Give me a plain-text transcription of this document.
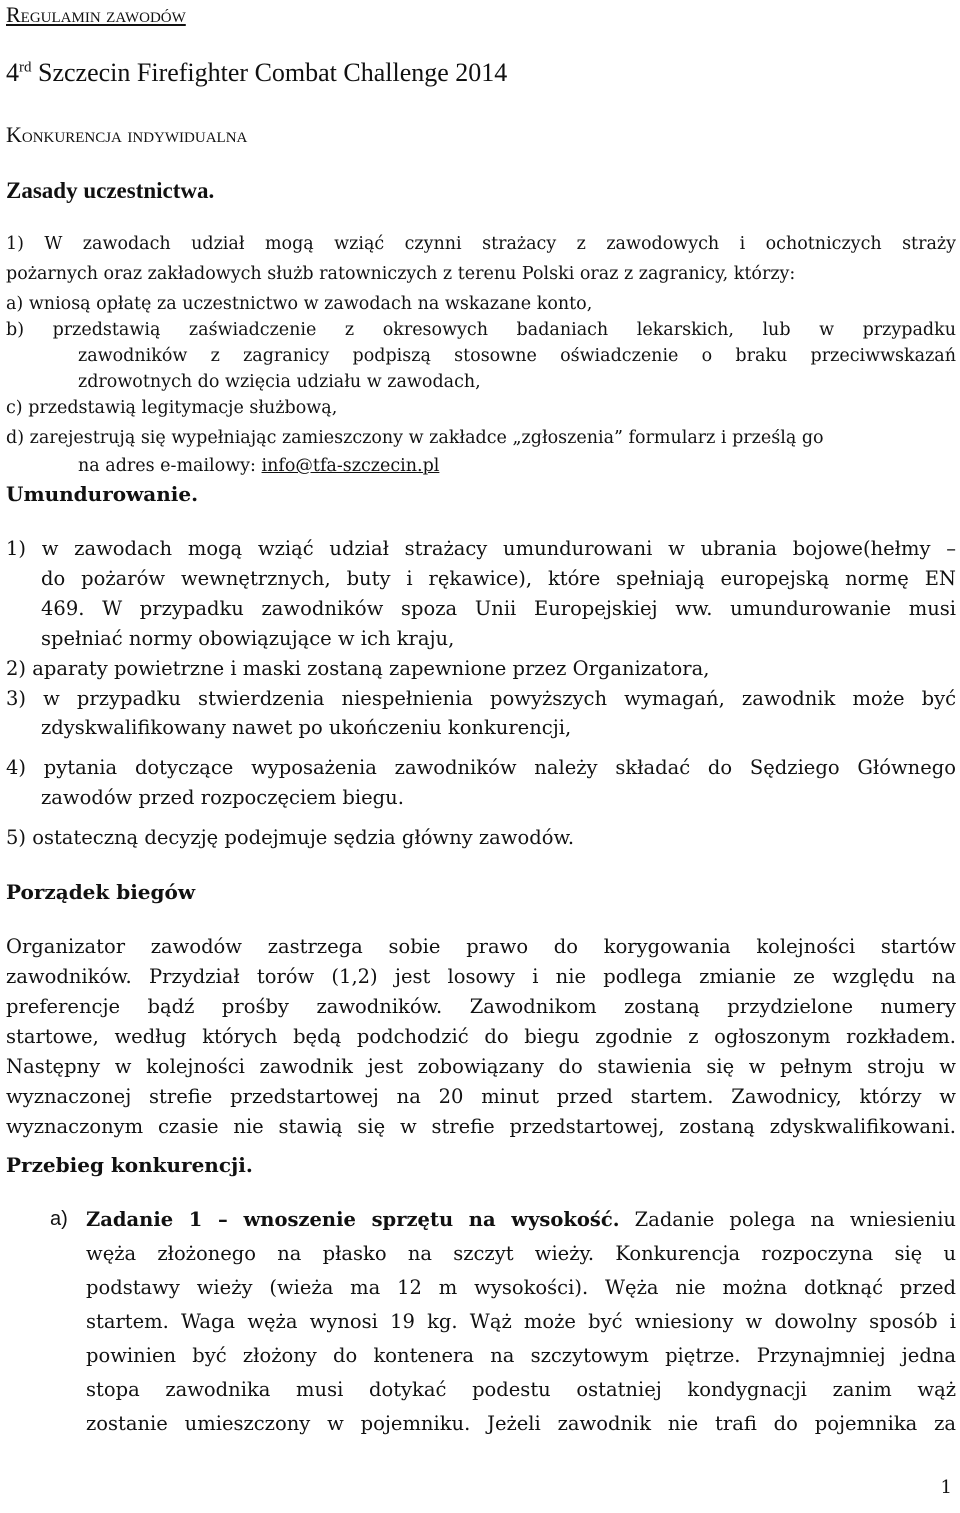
Regulamin zawodów
4rd Szczecin Firefighter Combat Challenge 2014
Konkurencja indywidualna
Zasady uczestnictwa.
1) W zawodach udział mogą wziąć czynni strażacy z zawodowych i ochotniczych straży
pożarnych oraz zakładowych służb ratowniczych z terenu Polski oraz z zagranicy, którzy:
a) wniosą opłatę za uczestnictwo w zawodach na wskazane konto,
b) przedstawią zaświadczenie z okresowych badaniach lekarskich, lub w przypadku
zawodników z zagranicy podpiszą stosowne oświadczenie o braku przeciwwskazań
zdrowotnych do wzięcia udziału w zawodach,
c) przedstawią legitymacje służbową,
d) zarejestrują się wypełniając zamieszczony w zakładce „zgłoszenia” formularz i prześlą go
na adres e-mailowy: info@tfa-szczecin.pl
Umundurowanie.
1) w zawodach mogą wziąć udział strażacy umundurowani w ubrania bojowe(hełmy –
do pożarów wewnętrznych, buty i rękawice), które spełniają europejską normę EN
469. W przypadku zawodników spoza Unii Europejskiej ww. umundurowanie musi
spełniać normy obowiązujące w ich kraju,
2) aparaty powietrzne i maski zostaną zapewnione przez Organizatora,
3) w przypadku stwierdzenia niespełnienia powyższych wymagań, zawodnik może być
zdyskwalifikowany nawet po ukończeniu konkurencji,
4) pytania dotyczące wyposażenia zawodników należy składać do Sędziego Głównego
zawodów przed rozpoczęciem biegu.
5) ostateczną decyzję podejmuje sędzia główny zawodów.
Porządek biegów
Organizator zawodów zastrzega sobie prawo do korygowania kolejności startów
zawodników. Przydział torów (1,2) jest losowy i nie podlega zmianie ze względu na
preferencje bądź prośby zawodników. Zawodnikom zostaną przydzielone numery
startowe, według których będą podchodzić do biegu zgodnie z ogłoszonym rozkładem.
Następny w kolejności zawodnik jest zobowiązany do stawienia się w pełnym stroju w
wyznaczonej strefie przedstartowej na 20 minut przed startem. Zawodnicy, którzy w
wyznaczonym czasie nie stawią się w strefie przedstartowej, zostaną zdyskwalifikowani.
Przebieg konkurencji.
a) Zadanie 1 – wnoszenie sprzętu na wysokość. Zadanie polega na wniesieniu
węża złożonego na płasko na szczyt wieży. Konkurencja rozpoczyna się u
podstawy wieży (wieża ma 12 m wysokości). Węża nie można dotknąć przed
startem. Waga węża wynosi 19 kg. Wąż może być wniesiony w dowolny sposób i
powinien być złożony do kontenera na szczytowym piętrze. Przynajmniej jedna
stopa zawodnika musi dotykać podestu ostatniej kondygnacji zanim wąż
zostanie umieszczony w pojemniku. Jeżeli zawodnik nie trafi do pojemnika za
1
